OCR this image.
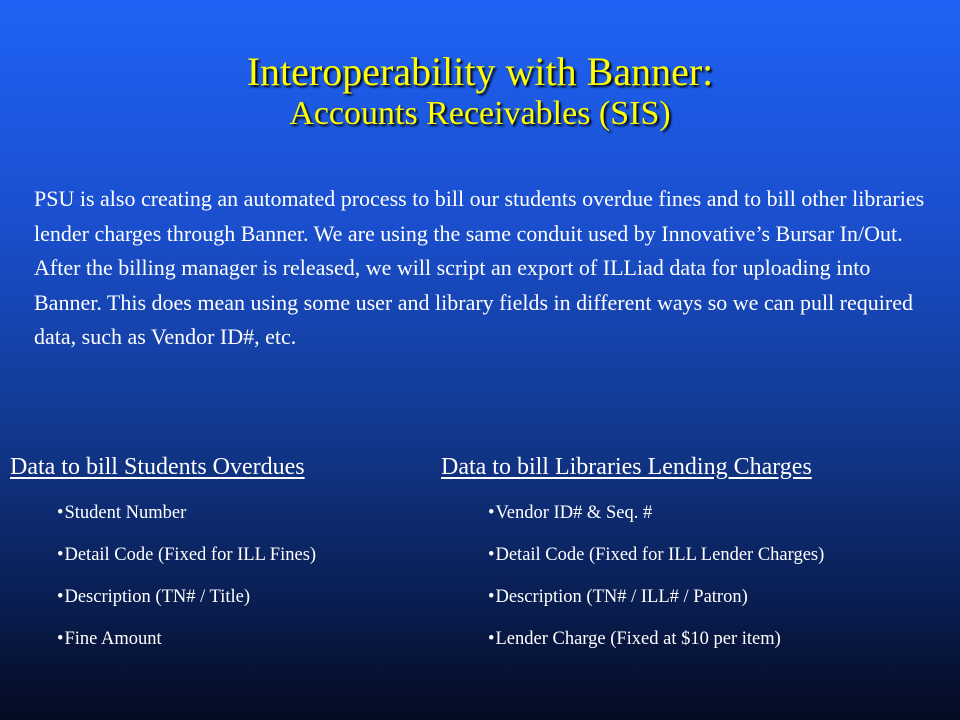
Interoperability with Banner:
Accounts Receivables (SIS)
PSU is also creating an automated process to bill our students overdue fines and to bill other libraries lender charges through Banner. We are using the same conduit used by Innovative’s Bursar In/Out. After the billing manager is released, we will script an export of ILLiad data for uploading into Banner. This does mean using some user and library fields in different ways so we can pull required data, such as Vendor ID#, etc.
Data to bill Students Overdues
•Student Number
•Detail Code (Fixed for ILL Fines)
•Description (TN# / Title)
•Fine Amount
Data to bill Libraries Lending Charges
•Vendor ID# & Seq. #
•Detail Code (Fixed for ILL Lender Charges)
•Description (TN# / ILL# / Patron)
•Lender Charge (Fixed at $10 per item)
